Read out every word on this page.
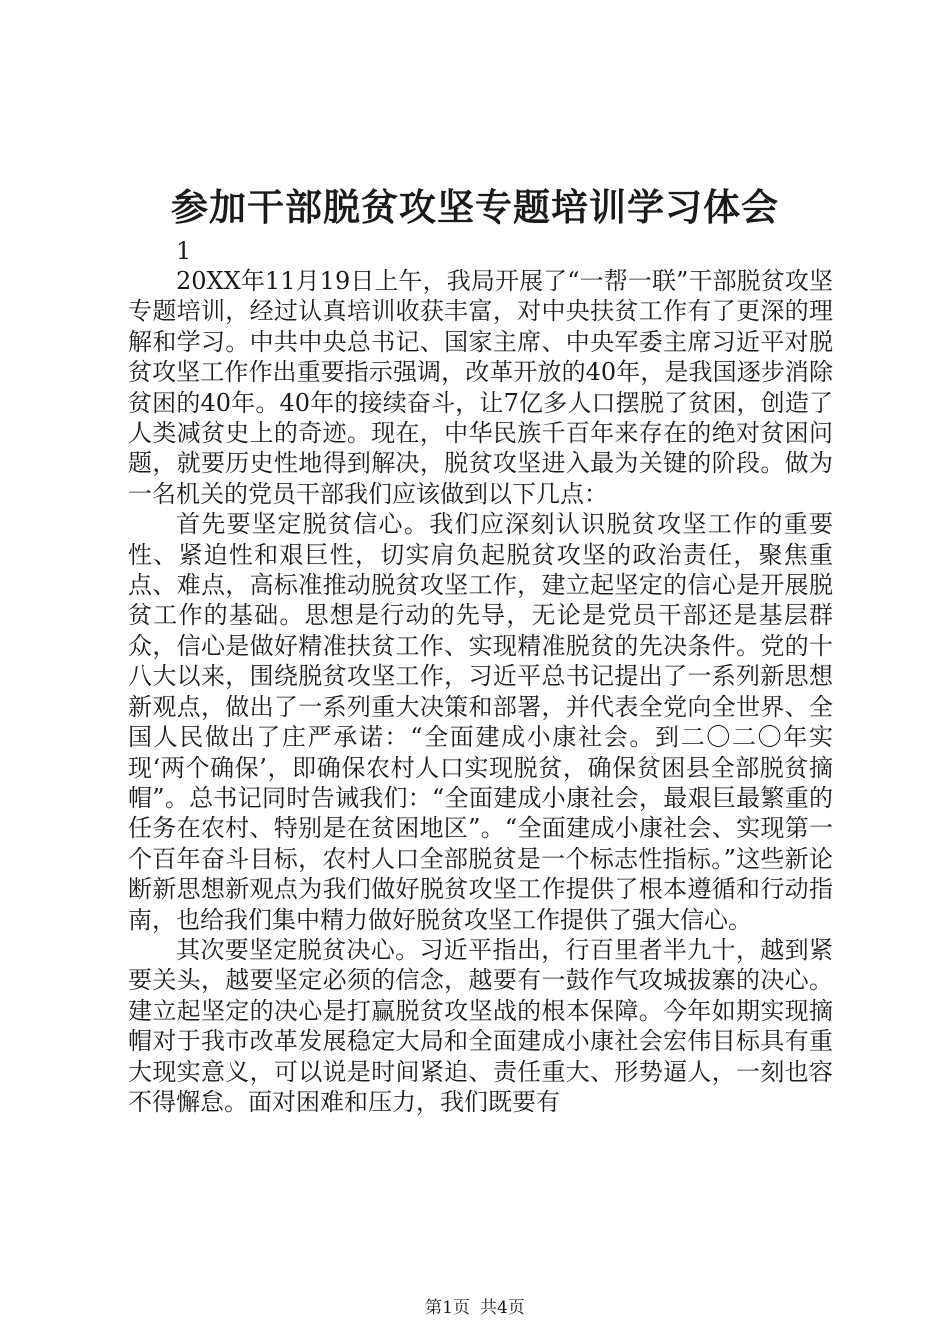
参加干部脱贫攻坚专题培训学习体会
1

20XX年11月19日上午，我局开展了“一帮一联”干部脱贫攻坚专题培训，经过认真培训收获丰富，对中央扶贫工作有了更深的理解和学习。中共中央总书记、国家主席、中央军委主席习近平对脱贫攻坚工作作出重要指示强调，改革开放的40年，是我国逐步消除贫困的40年。40年的接续奋斗，让7亿多人口摆脱了贫困，创造了人类减贫史上的奇迹。现在，中华民族千百年来存在的绝对贫困问题，就要历史性地得到解决，脱贫攻坚进入最为关键的阶段。做为一名机关的党员干部我们应该做到以下几点：

首先要坚定脱贫信心。我们应深刻认识脱贫攻坚工作的重要性、紧迫性和艰巨性，切实肩负起脱贫攻坚的政治责任，聚焦重点、难点，高标准推动脱贫攻坚工作，建立起坚定的信心是开展脱贫工作的基础。思想是行动的先导，无论是党员干部还是基层群众，信心是做好精准扶贫工作、实现精准脱贫的先决条件。党的十八大以来，围绕脱贫攻坚工作，习近平总书记提出了一系列新思想新观点，做出了一系列重大决策和部署，并代表全党向全世界、全国人民做出了庄严承诺：“全面建成小康社会。到二〇二〇年实现‘两个确保’，即确保农村人口实现脱贫，确保贫困县全部脱贫摘帽”。总书记同时告诫我们：“全面建成小康社会，最艰巨最繁重的任务在农村、特别是在贫困地区”。“全面建成小康社会、实现第一个百年奋斗目标，农村人口全部脱贫是一个标志性指标。”这些新论断新思想新观点为我们做好脱贫攻坚工作提供了根本遵循和行动指南，也给我们集中精力做好脱贫攻坚工作提供了强大信心。

其次要坚定脱贫决心。习近平指出，行百里者半九十，越到紧要关头，越要坚定必须的信念，越要有一鼓作气攻城拔寨的决心。建立起坚定的决心是打赢脱贫攻坚战的根本保障。今年如期实现摘帽对于我市改革发展稳定大局和全面建成小康社会宏伟目标具有重大现实意义，可以说是时间紧迫、责任重大、形势逼人，一刻也容不得懈怠。面对困难和压力，我们既要有

第1页 共4页
